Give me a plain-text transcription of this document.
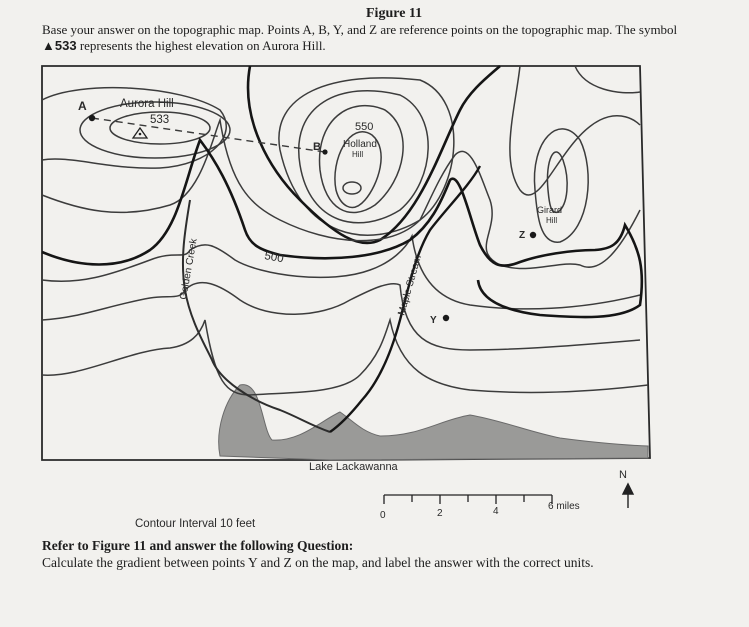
Figure 11
Base your answer on the topographic map. Points A, B, Y, and Z are reference points on the topographic map. The symbol
▲533 represents the highest elevation on Aurora Hill.
A	Aurora Hill
533
550
B Holland
Hill
500
Girard
Hill
Z
Y
Golden Creek	Maple Stream
Lake Lackawanna
N
0	2	4	6 miles
Contour Interval 10 feet
Refer to Figure 11 and answer the following Question:
Calculate the gradient between points Y and Z on the map, and label the answer with the correct units.
